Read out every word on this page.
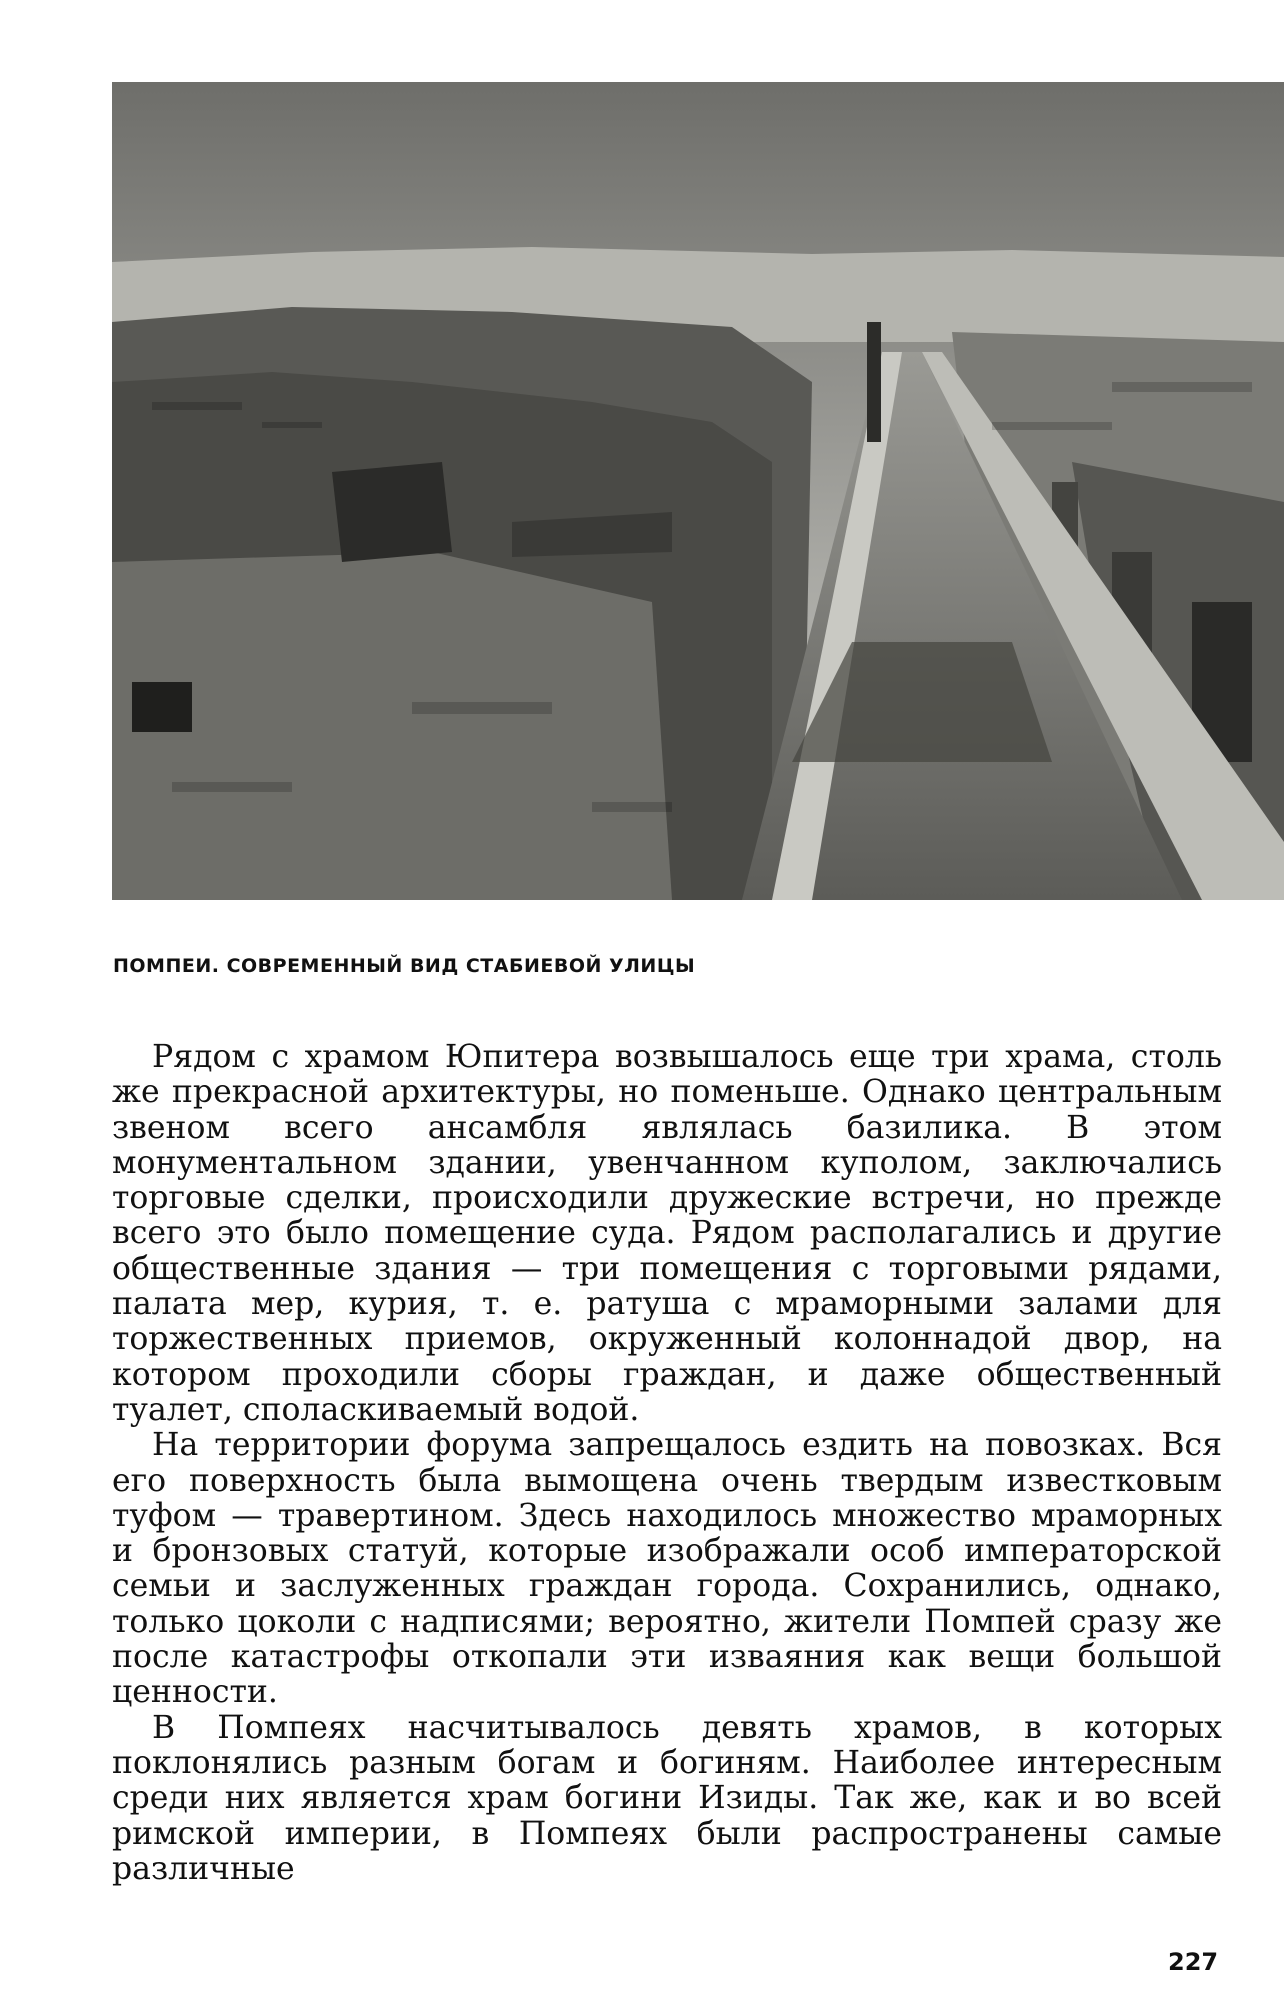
ПОМПЕИ. СОВРЕМЕННЫЙ ВИД СТАБИЕВОЙ УЛИЦЫ

Рядом с храмом Юпитера возвышалось еще три храма, столь же прекрасной архитектуры, но поменьше. Однако центральным звеном всего ансамбля являлась базилика. В этом монументальном здании, увенчанном куполом, заключались торговые сделки, происходили дружеские встречи, но прежде всего это было помещение суда. Рядом располагались и другие общественные здания — три помещения с торговыми рядами, палата мер, курия, т. е. ратуша с мраморными залами для торжественных приемов, окруженный колоннадой двор, на котором проходили сборы граждан, и даже общественный туалет, споласкиваемый водой.

На территории форума запрещалось ездить на повозках. Вся его поверхность была вымощена очень твердым известковым туфом — травертином. Здесь находилось множество мраморных и бронзовых статуй, которые изображали особ императорской семьи и заслуженных граждан города. Сохранились, однако, только цоколи с надписями; вероятно, жители Помпей сразу же после катастрофы откопали эти изваяния как вещи большой ценности.

В Помпеях насчитывалось девять храмов, в которых поклонялись разным богам и богиням. Наиболее интересным среди них является храм богини Изиды. Так же, как и во всей римской империи, в Помпеях были распространены самые различные

227
